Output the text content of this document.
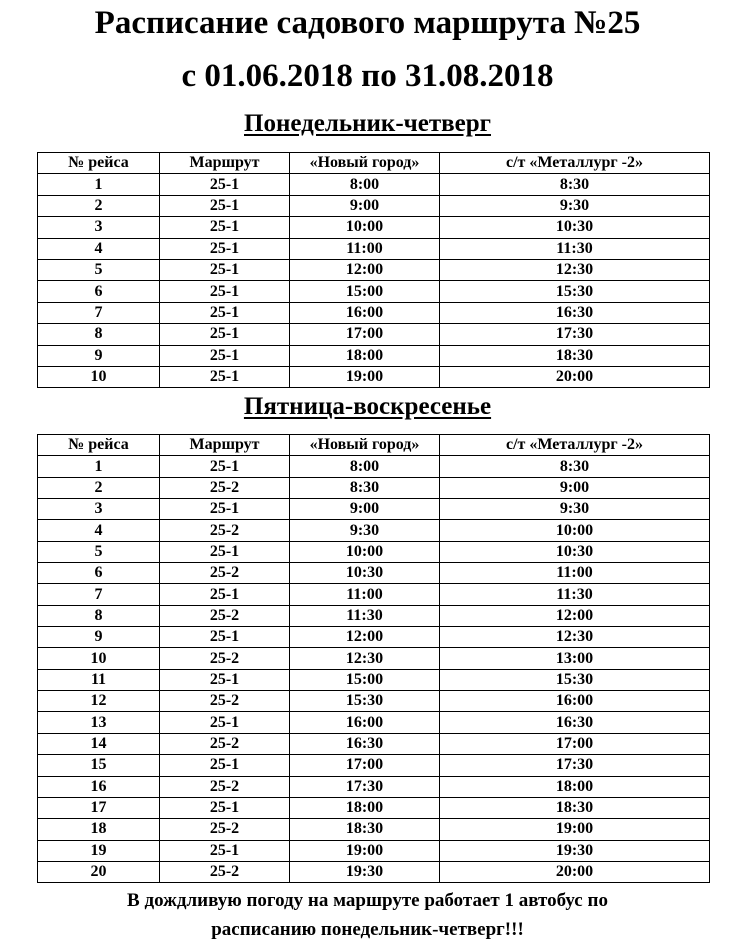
Расписание садового маршрута №25
с 01.06.2018 по 31.08.2018
Понедельник-четверг
№ рейса	Маршрут	«Новый город»	с/т «Металлург -2»
1	25-1	8:00	8:30
2	25-1	9:00	9:30
3	25-1	10:00	10:30
4	25-1	11:00	11:30
5	25-1	12:00	12:30
6	25-1	15:00	15:30
7	25-1	16:00	16:30
8	25-1	17:00	17:30
9	25-1	18:00	18:30
10	25-1	19:00	20:00
Пятница-воскресенье
№ рейса	Маршрут	«Новый город»	с/т «Металлург -2»
1	25-1	8:00	8:30
2	25-2	8:30	9:00
3	25-1	9:00	9:30
4	25-2	9:30	10:00
5	25-1	10:00	10:30
6	25-2	10:30	11:00
7	25-1	11:00	11:30
8	25-2	11:30	12:00
9	25-1	12:00	12:30
10	25-2	12:30	13:00
11	25-1	15:00	15:30
12	25-2	15:30	16:00
13	25-1	16:00	16:30
14	25-2	16:30	17:00
15	25-1	17:00	17:30
16	25-2	17:30	18:00
17	25-1	18:00	18:30
18	25-2	18:30	19:00
19	25-1	19:00	19:30
20	25-2	19:30	20:00
В дождливую погоду на маршруте работает 1 автобус по
расписанию понедельник-четверг!!!
